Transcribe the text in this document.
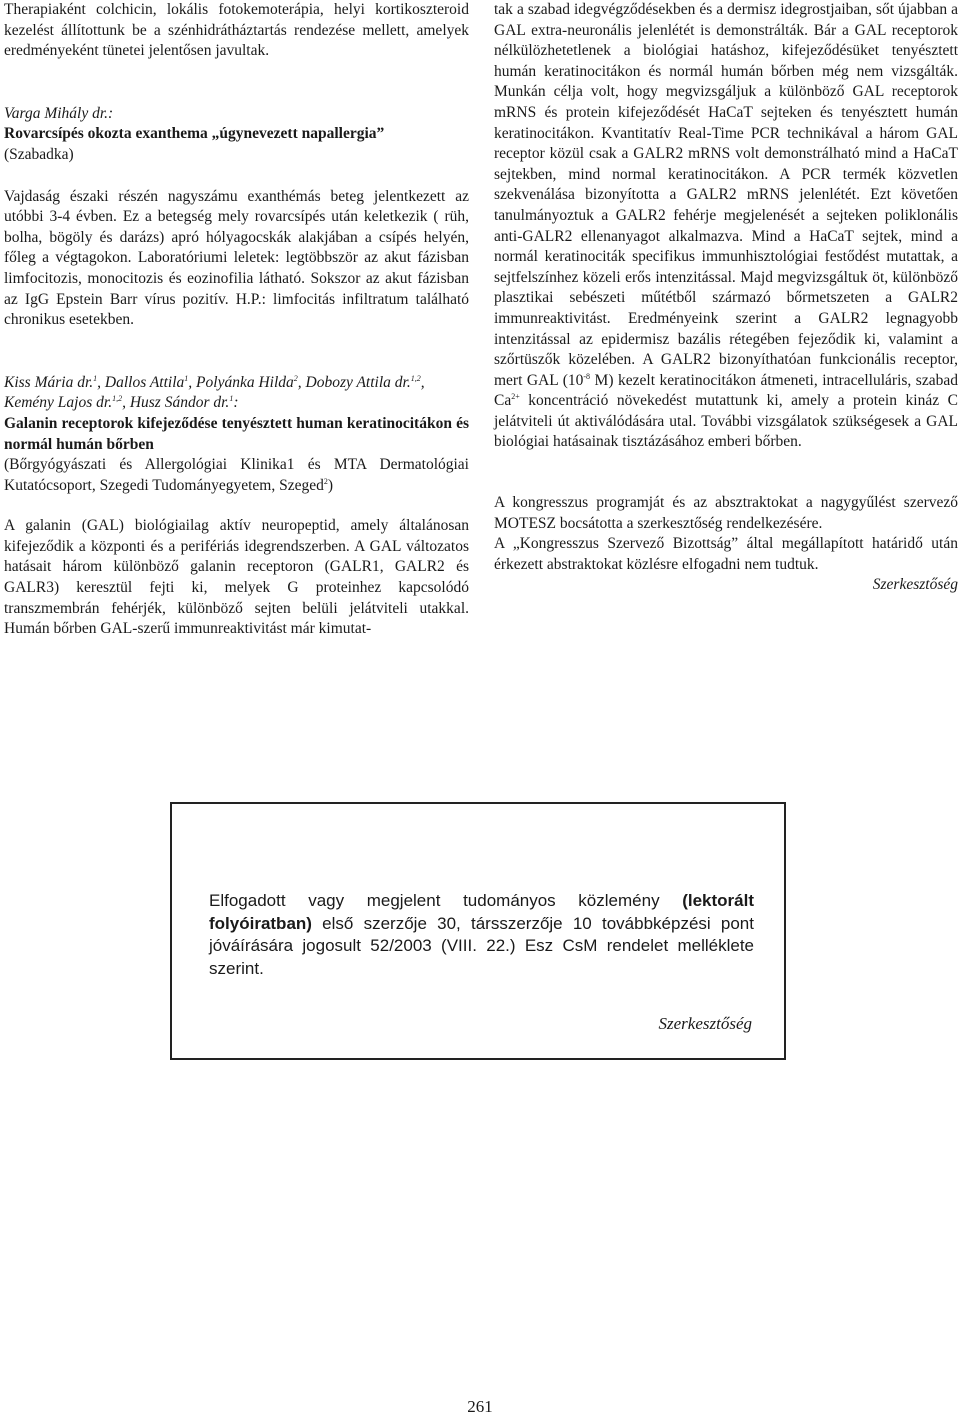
Therapiaként colchicin, lokális fotokemoterápia, helyi kortikoszteroid kezelést állítottunk be a szénhidrátháztartás rendezése mellett, amelyek eredményeként tünetei jelentősen javultak.

Varga Mihály dr.:

Rovarcsípés okozta exanthema „úgynevezett napallergia”

(Szabadka)

Vajdaság északi részén nagyszámu exanthémás beteg jelentkezett az utóbbi 3-4 évben. Ez a betegség mely rovarcsípés után keletkezik ( rüh, bolha, bögöly és darázs) apró hólyagocskák alakjában a csípés helyén, főleg a végtagokon. Laboratóriumi leletek: legtöbbször az akut fázisban limfocitozis, monocitozis és eozinofilia látható. Sokszor az akut fázisban az IgG Epstein Barr vírus pozitív. H.P.: limfocitás infiltratum található chronikus esetekben.

Kiss Mária dr.$^1$, Dallos Attila$^1$, Polyánka Hilda$^2$, Dobozy Attila dr.$^{1,2}$, Kemény Lajos dr.$^{1,2}$, Husz Sándor dr.$^1$:

Galanin receptorok kifejeződése tenyésztett human keratinocitákon és normál humán bőrben

(Bőrgyógyászati és Allergológiai Klinika1 és MTA Dermatológiai Kutatócsoport, Szegedi Tudományegyetem, Szeged$^2$)

A galanin (GAL) biológiailag aktív neuropeptid, amely általánosan kifejeződik a központi és a perifériás idegrendszerben. A GAL változatos hatásait három különböző galanin receptoron (GALR1, GALR2 és GALR3) keresztül fejti ki, melyek G proteinhez kapcsolódó transzmembrán fehérjék, különböző sejten belüli jelátviteli utakkal. Humán bőrben GAL-szerű immunreaktivitást már kimutat-

tak a szabad idegvégződésekben és a dermisz idegrostjaiban, sőt újabban a GAL extra-neuronális jelenlétét is demonstrálták. Bár a GAL receptorok nélkülözhetetlenek a biológiai hatáshoz, kifejeződésüket tenyésztett humán keratinocitákon és normál humán bőrben még nem vizsgálták. Munkán célja volt, hogy megvizsgáljuk a különböző GAL receptorok mRNS és protein kifejeződését HaCaT sejteken és tenyésztett humán keratinocitákon. Kvantitatív Real-Time PCR technikával a három GAL receptor közül csak a GALR2 mRNS volt demonstrálható mind a HaCaT sejtekben, mind normal keratinocitákon. A PCR termék közvetlen szekvenálása bizonyította a GALR2 mRNS jelenlétét. Ezt követően tanulmányoztuk a GALR2 fehérje megjelenését a sejteken poliklonális anti-GALR2 ellenanyagot alkalmazva. Mind a HaCaT sejtek, mind a normál keratinociták specifikus immunhisztológiai festődést mutattak, a sejtfelszínhez közeli erős intenzitással. Majd megvizsgáltuk öt, különböző plasztikai sebészeti műtétből származó bőrmetszeten a GALR2 immunreaktivitást. Eredményeink szerint a GALR2 legnagyobb intenzitással az epidermisz bazális rétegében fejeződik ki, valamint a szőrtüszők közelében. A GALR2 bizonyíthatóan funkcionális receptor, mert GAL ($10^{-8}$ M) kezelt keratinocitákon átmeneti, intracelluláris, szabad $Ca^{2+}$ koncentráció növekedést mutattunk ki, amely a protein kináz C jelátviteli út aktiválódására utal. További vizsgálatok szükségesek a GAL biológiai hatásainak tisztázásához emberi bőrben.

A kongresszus programját és az absztraktokat a nagygyűlést szervező MOTESZ bocsátotta a szerkesztőség rendelkezésére.

A „Kongresszus Szervező Bizottság” által megállapított határidő után érkezett abstraktokat közlésre elfogadni nem tudtuk.

Szerkesztőség

Elfogadott vagy megjelent tudományos közlemény (lektorált folyóiratban) első szerzője 30, társszerzője 10 továbbképzési pont jóváírására jogosult 52/2003 (VIII. 22.) Esz CsM rendelet melléklete szerint.
Szerkesztőség
261
